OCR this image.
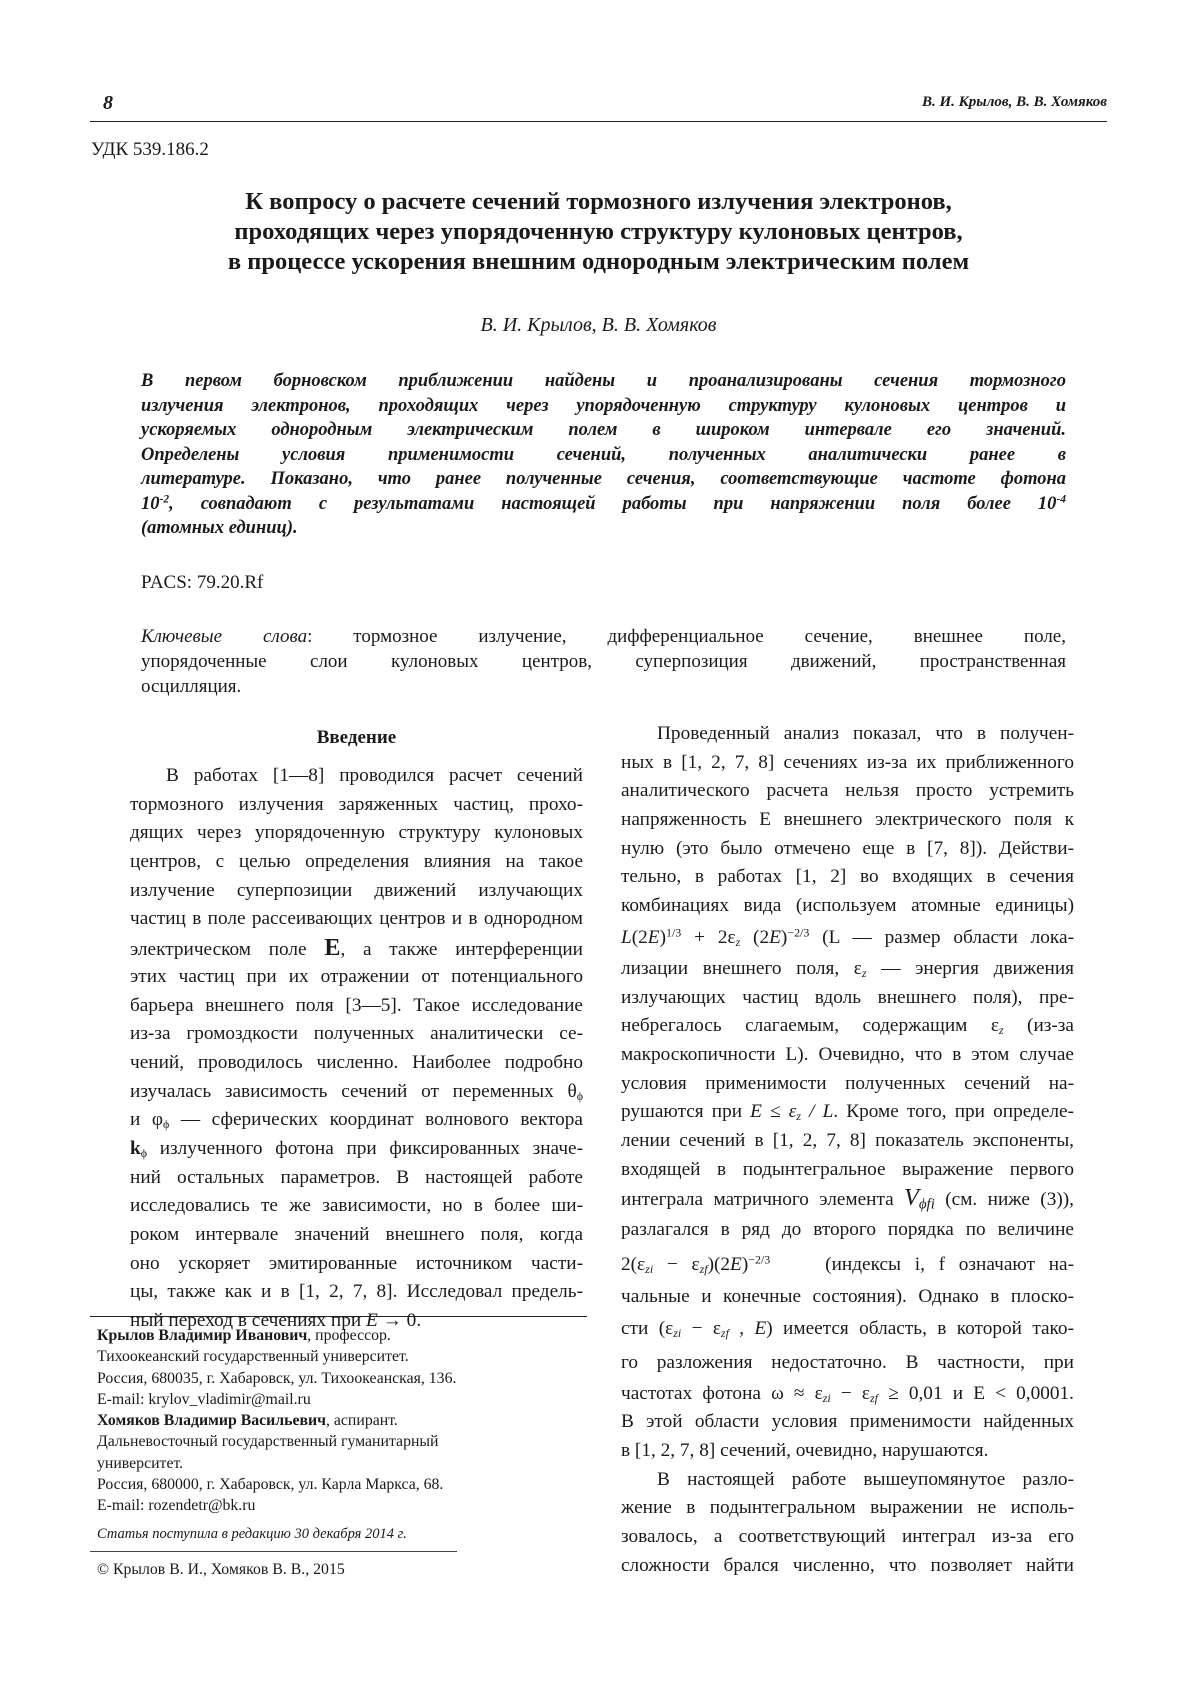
8	В. И. Крылов, В. В. Хомяков
УДК 539.186.2
К вопросу о расчете сечений тормозного излучения электронов,
проходящих через упорядоченную структуру кулоновых центров,
в процессе ускорения внешним однородным электрическим полем
В. И. Крылов, В. В. Хомяков
В первом борновском приближении найдены и проанализированы сечения тормозного
излучения электронов, проходящих через упорядоченную структуру кулоновых центров и
ускоряемых однородным электрическим полем в широком интервале его значений.
Определены условия применимости сечений, полученных аналитически ранее в
литературе. Показано, что ранее полученные сечения, соответствующие частоте фотона
$10^{-2}$, совпадают с результатами настоящей работы при напряжении поля более $10^{-4}$
(атомных единиц).
PACS: 79.20.Rf
Ключевые слова: тормозное излучение, дифференциальное сечение, внешнее поле,
упорядоченные слои кулоновых центров, суперпозиция движений, пространственная
осцилляция.
Введение
В работах [1—8] проводился расчет сечений
тормозного излучения заряженных частиц, прохо-
дящих через упорядоченную структуру кулоновых
центров, с целью определения влияния на такое
излучение суперпозиции движений излучающих
частиц в поле рассеивающих центров и в однородном
электрическом поле E, а также интерференции
этих частиц при их отражении от потенциального
барьера внешнего поля [3—5]. Такое исследование
из-за громоздкости полученных аналитически се-
чений, проводилось численно. Наиболее подробно
изучалась зависимость сечений от переменных $\theta_\phi$
и $\varphi_\phi$ — сферических координат волнового вектора
$k_\phi$ излученного фотона при фиксированных значе-
ний остальных параметров. В настоящей работе
исследовались те же зависимости, но в более ши-
роком интервале значений внешнего поля, когда
оно ускоряет эмитированные источником части-
цы, также как и в [1, 2, 7, 8]. Исследовал предель-
ный переход в сечениях при E → 0.
Проведенный анализ показал, что в получен-
ных в [1, 2, 7, 8] сечениях из-за их приближенного
аналитического расчета нельзя просто устремить
напряженность E внешнего электрического поля к
нулю (это было отмечено еще в [7, 8]). Действи-
тельно, в работах [1, 2] во входящих в сечения
комбинациях вида (используем атомные единицы)
$L(2E)^{1/3} + 2\varepsilon_z$ $(2E)^{-2/3}$ (L — размер области лока-
лизации внешнего поля, $\varepsilon_z$ — энергия движения
излучающих частиц вдоль внешнего поля), пре-
небрегалось слагаемым, содержащим $\varepsilon_z$ (из-за
макроскопичности L). Очевидно, что в этом случае
условия применимости полученных сечений на-
рушаются при $E \le \varepsilon_z / L$. Кроме того, при определе-
лении сечений в [1, 2, 7, 8] показатель экспоненты,
входящей в подынтегральное выражение первого
интеграла матричного элемента $V_{\phi fi}$ (см. ниже (3)),
разлагался в ряд до второго порядка по величине
$2(\varepsilon_{zi} - \varepsilon_{zf})(2E)^{-2/3}$	(индексы i, f означают на-
чальные и конечные состояния). Однако в плоско-
сти ($\varepsilon_{zi} - \varepsilon_{zf}$ , E) имеется область, в которой тако-
го разложения недостаточно. В частности, при
частотах фотона $\omega \approx \varepsilon_{zi} - \varepsilon_{zf} \ge 0,01$ и E < 0,0001.
В этой области условия применимости найденных
в [1, 2, 7, 8] сечений, очевидно, нарушаются.
В настоящей работе вышеупомянутое разло-
жение в подынтегральном выражении не исполь-
зовалось, а соответствующий интеграл из-за его
сложности брался численно, что позволяет найти
Крылов Владимир Иванович, профессор.
Тихоокеанский государственный университет.
Россия, 680035, г. Хабаровск, ул. Тихоокеанская, 136.
E-mail: krylov_vladimir@mail.ru
Хомяков Владимир Васильевич, аспирант.
Дальневосточный государственный гуманитарный
университет.
Россия, 680000, г. Хабаровск, ул. Карла Маркса, 68.
E-mail: rozendetr@bk.ru
Статья поступила в редакцию 30 декабря 2014 г.
© Крылов В. И., Хомяков В. В., 2015
